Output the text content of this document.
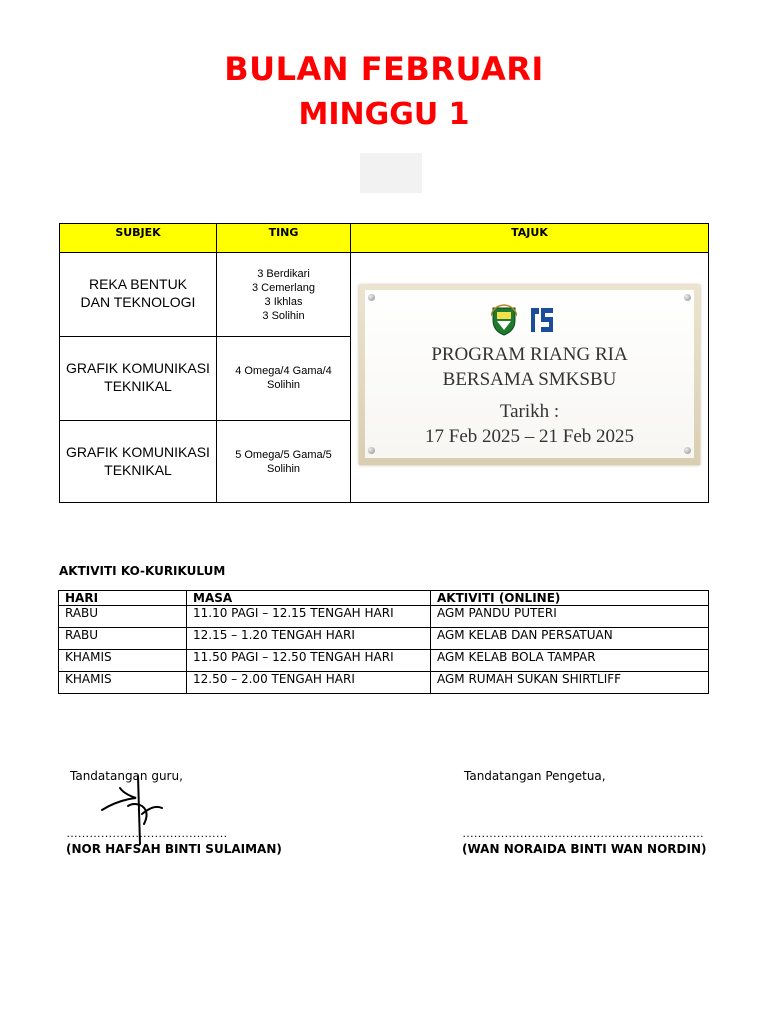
BULAN FEBRUARI
MINGGU 1
SUBJEK	TING	TAJUK

REKA BENTUK DAN TEKNOLOGI	3 Berdikari
3 Cemerlang
3 Ikhlas
3 Solihin	

GRAFIK KOMUNIKASI TEKNIKAL	4 Omega/4 Gama/4
Solihin	

GRAFIK KOMUNIKASI TEKNIKAL	5 Omega/5 Gama/5
Solihin	
PROGRAM RIANG RIA
BERSAMA SMKSBU
Tarikh :
17 Feb 2025 – 21 Feb 2025
AKTIVITI KO-KURIKULUM
HARI	MASA	AKTIVITI (ONLINE)
RABU	11.10 PAGI – 12.15 TENGAH HARI	AGM PANDU PUTERI
RABU	12.15 – 1.20 TENGAH HARI	AGM KELAB DAN PERSATUAN
KHAMIS	11.50 PAGI – 12.50 TENGAH HARI	AGM KELAB BOLA TAMPAR
KHAMIS	12.50 – 2.00 TENGAH HARI	AGM RUMAH SUKAN SHIRTLIFF
Tandatangan guru,
……………………………………
(NOR HAFSAH BINTI SULAIMAN)
Tandatangan Pengetua,
………………………………………………………
(WAN NORAIDA BINTI WAN NORDIN)
